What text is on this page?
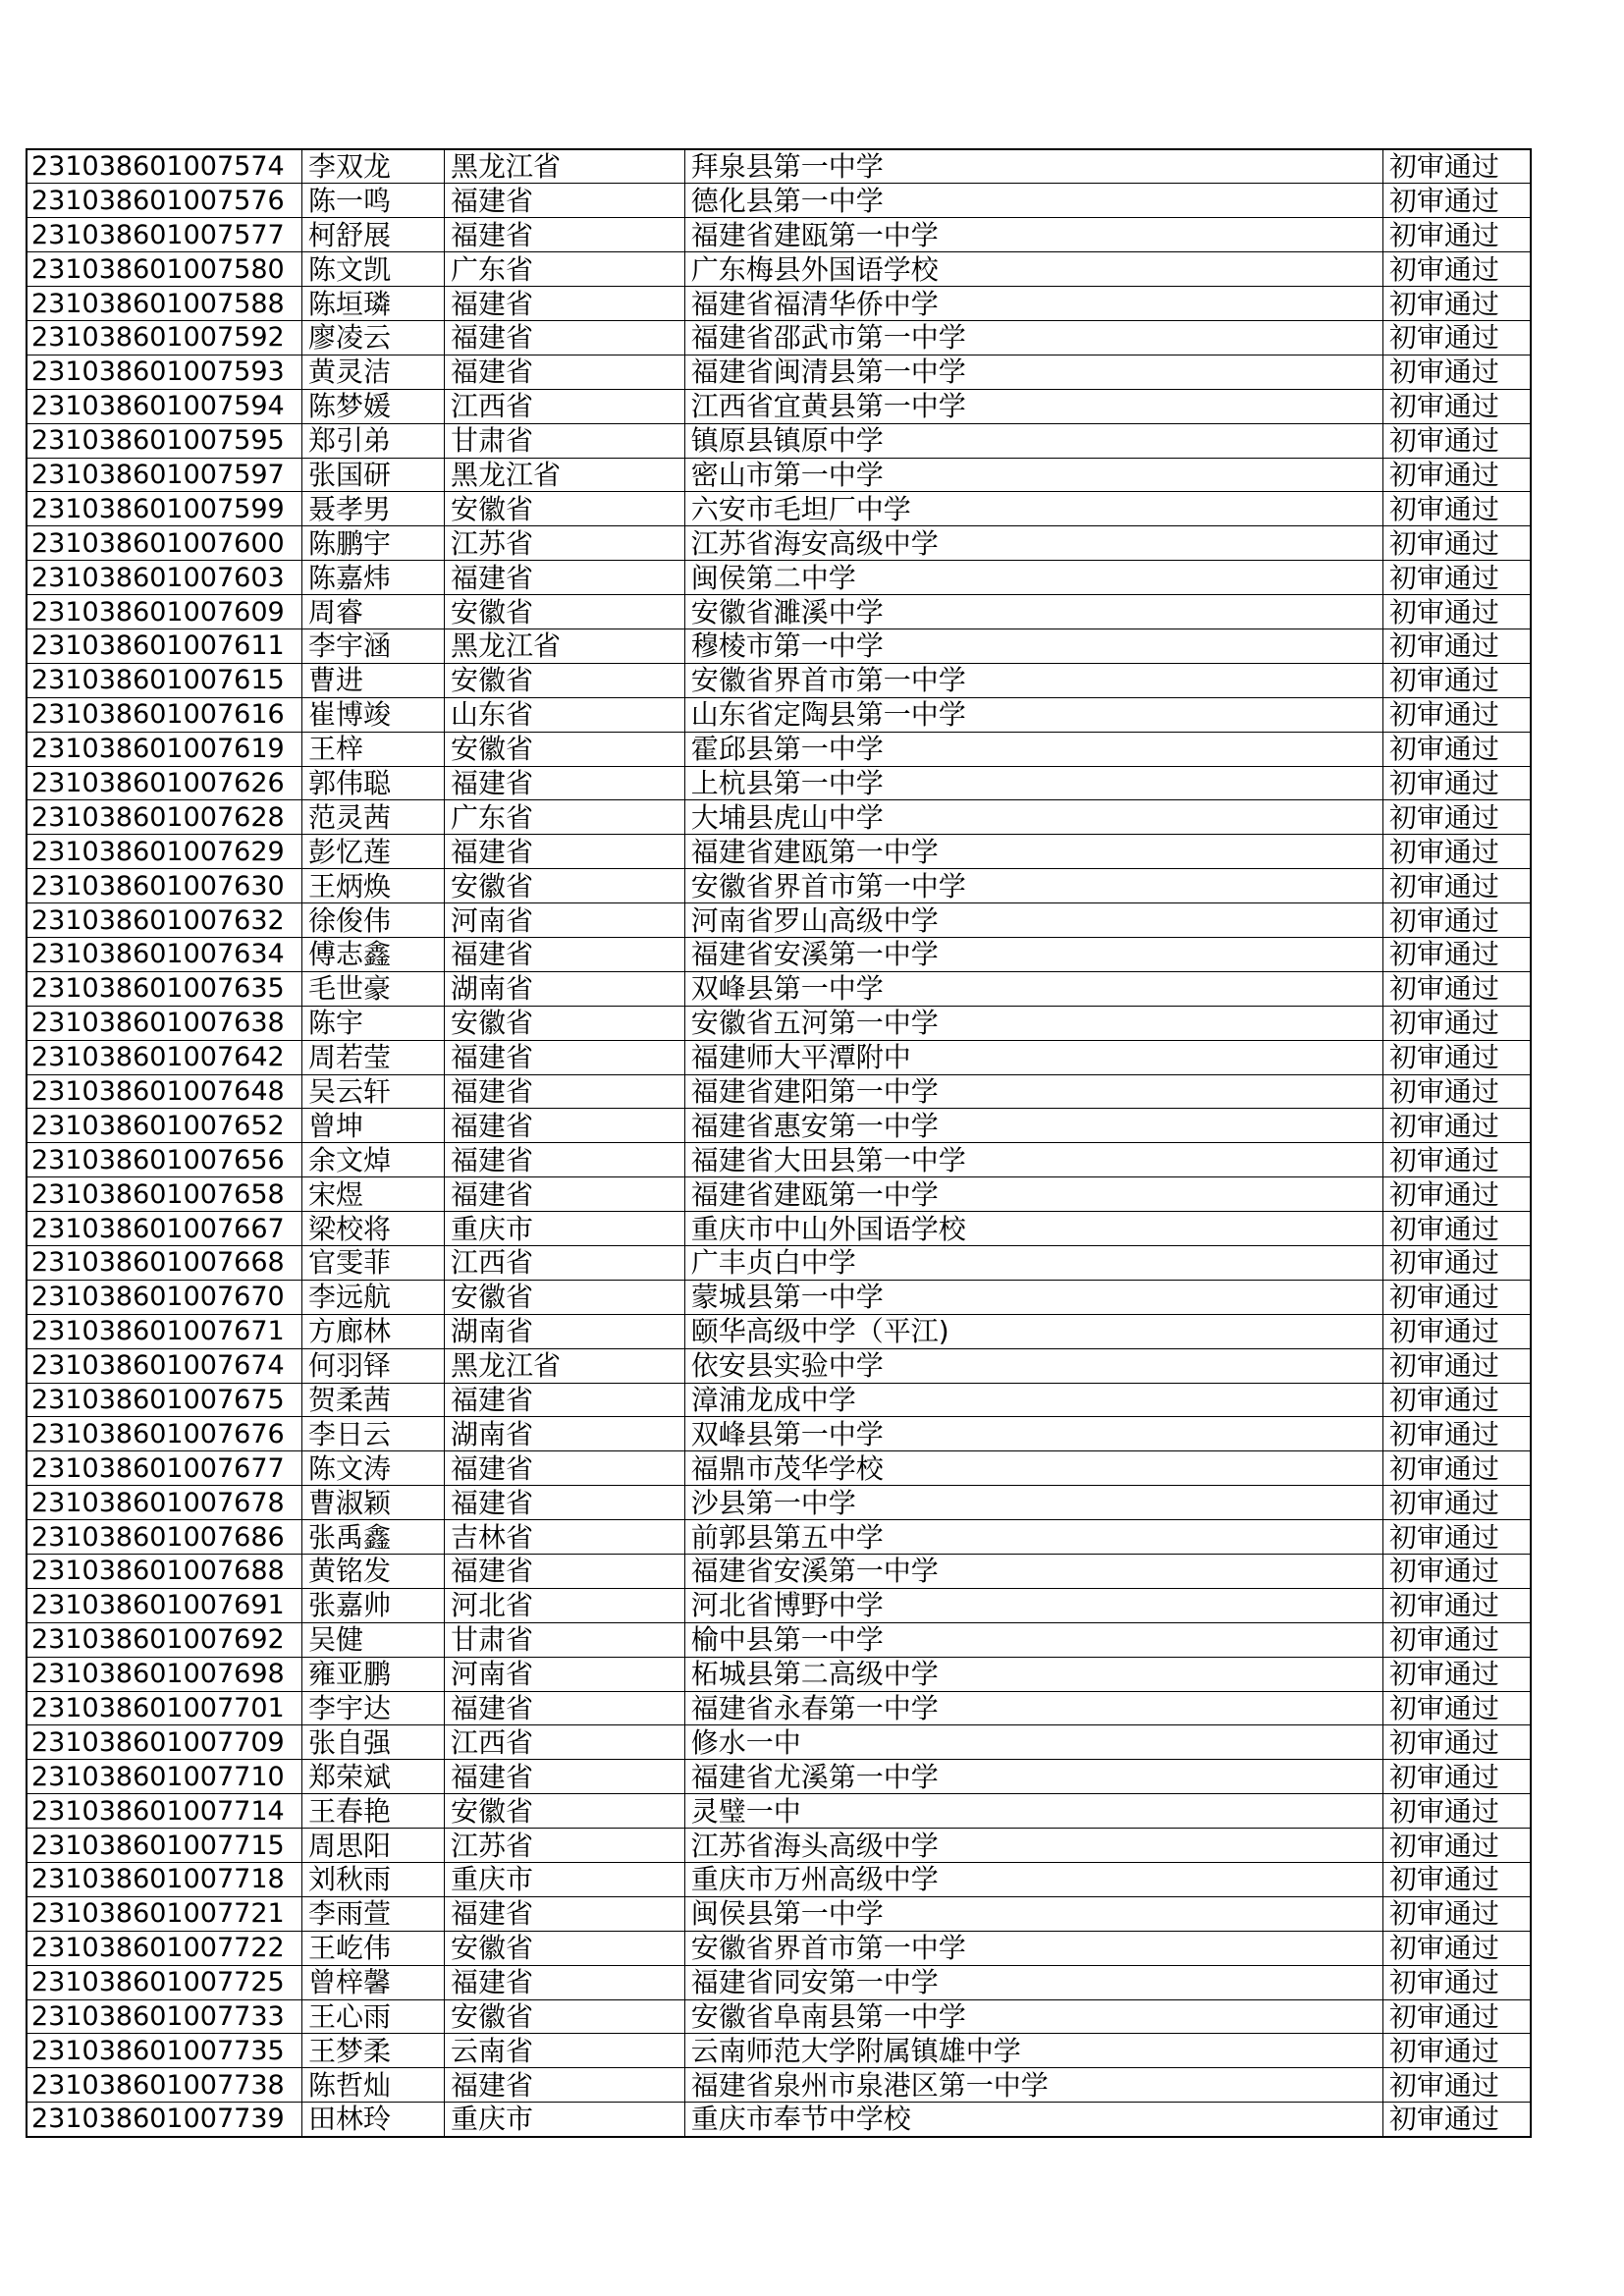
231038601007574	李双龙	黑龙江省	拜泉县第一中学	初审通过
231038601007576	陈一鸣	福建省	德化县第一中学	初审通过
231038601007577	柯舒展	福建省	福建省建瓯第一中学	初审通过
231038601007580	陈文凯	广东省	广东梅县外国语学校	初审通过
231038601007588	陈垣璘	福建省	福建省福清华侨中学	初审通过
231038601007592	廖凌云	福建省	福建省邵武市第一中学	初审通过
231038601007593	黄灵洁	福建省	福建省闽清县第一中学	初审通过
231038601007594	陈梦媛	江西省	江西省宜黄县第一中学	初审通过
231038601007595	郑引弟	甘肃省	镇原县镇原中学	初审通过
231038601007597	张国研	黑龙江省	密山市第一中学	初审通过
231038601007599	聂孝男	安徽省	六安市毛坦厂中学	初审通过
231038601007600	陈鹏宇	江苏省	江苏省海安高级中学	初审通过
231038601007603	陈嘉炜	福建省	闽侯第二中学	初审通过
231038601007609	周睿	安徽省	安徽省濉溪中学	初审通过
231038601007611	李宇涵	黑龙江省	穆棱市第一中学	初审通过
231038601007615	曹进	安徽省	安徽省界首市第一中学	初审通过
231038601007616	崔博竣	山东省	山东省定陶县第一中学	初审通过
231038601007619	王梓	安徽省	霍邱县第一中学	初审通过
231038601007626	郭伟聪	福建省	上杭县第一中学	初审通过
231038601007628	范灵茜	广东省	大埔县虎山中学	初审通过
231038601007629	彭忆莲	福建省	福建省建瓯第一中学	初审通过
231038601007630	王炳焕	安徽省	安徽省界首市第一中学	初审通过
231038601007632	徐俊伟	河南省	河南省罗山高级中学	初审通过
231038601007634	傅志鑫	福建省	福建省安溪第一中学	初审通过
231038601007635	毛世豪	湖南省	双峰县第一中学	初审通过
231038601007638	陈宇	安徽省	安徽省五河第一中学	初审通过
231038601007642	周若莹	福建省	福建师大平潭附中	初审通过
231038601007648	吴云轩	福建省	福建省建阳第一中学	初审通过
231038601007652	曾坤	福建省	福建省惠安第一中学	初审通过
231038601007656	余文焯	福建省	福建省大田县第一中学	初审通过
231038601007658	宋煜	福建省	福建省建瓯第一中学	初审通过
231038601007667	梁校将	重庆市	重庆市中山外国语学校	初审通过
231038601007668	官雯菲	江西省	广丰贞白中学	初审通过
231038601007670	李远航	安徽省	蒙城县第一中学	初审通过
231038601007671	方廊林	湖南省	颐华高级中学（平江)	初审通过
231038601007674	何羽铎	黑龙江省	依安县实验中学	初审通过
231038601007675	贺柔茜	福建省	漳浦龙成中学	初审通过
231038601007676	李日云	湖南省	双峰县第一中学	初审通过
231038601007677	陈文涛	福建省	福鼎市茂华学校	初审通过
231038601007678	曹淑颖	福建省	沙县第一中学	初审通过
231038601007686	张禹鑫	吉林省	前郭县第五中学	初审通过
231038601007688	黄铭发	福建省	福建省安溪第一中学	初审通过
231038601007691	张嘉帅	河北省	河北省博野中学	初审通过
231038601007692	吴健	甘肃省	榆中县第一中学	初审通过
231038601007698	雍亚鹏	河南省	柘城县第二高级中学	初审通过
231038601007701	李宇达	福建省	福建省永春第一中学	初审通过
231038601007709	张自强	江西省	修水一中	初审通过
231038601007710	郑荣斌	福建省	福建省尤溪第一中学	初审通过
231038601007714	王春艳	安徽省	灵璧一中	初审通过
231038601007715	周思阳	江苏省	江苏省海头高级中学	初审通过
231038601007718	刘秋雨	重庆市	重庆市万州高级中学	初审通过
231038601007721	李雨萱	福建省	闽侯县第一中学	初审通过
231038601007722	王屹伟	安徽省	安徽省界首市第一中学	初审通过
231038601007725	曾梓馨	福建省	福建省同安第一中学	初审通过
231038601007733	王心雨	安徽省	安徽省阜南县第一中学	初审通过
231038601007735	王梦柔	云南省	云南师范大学附属镇雄中学	初审通过
231038601007738	陈哲灿	福建省	福建省泉州市泉港区第一中学	初审通过
231038601007739	田林玲	重庆市	重庆市奉节中学校	初审通过
